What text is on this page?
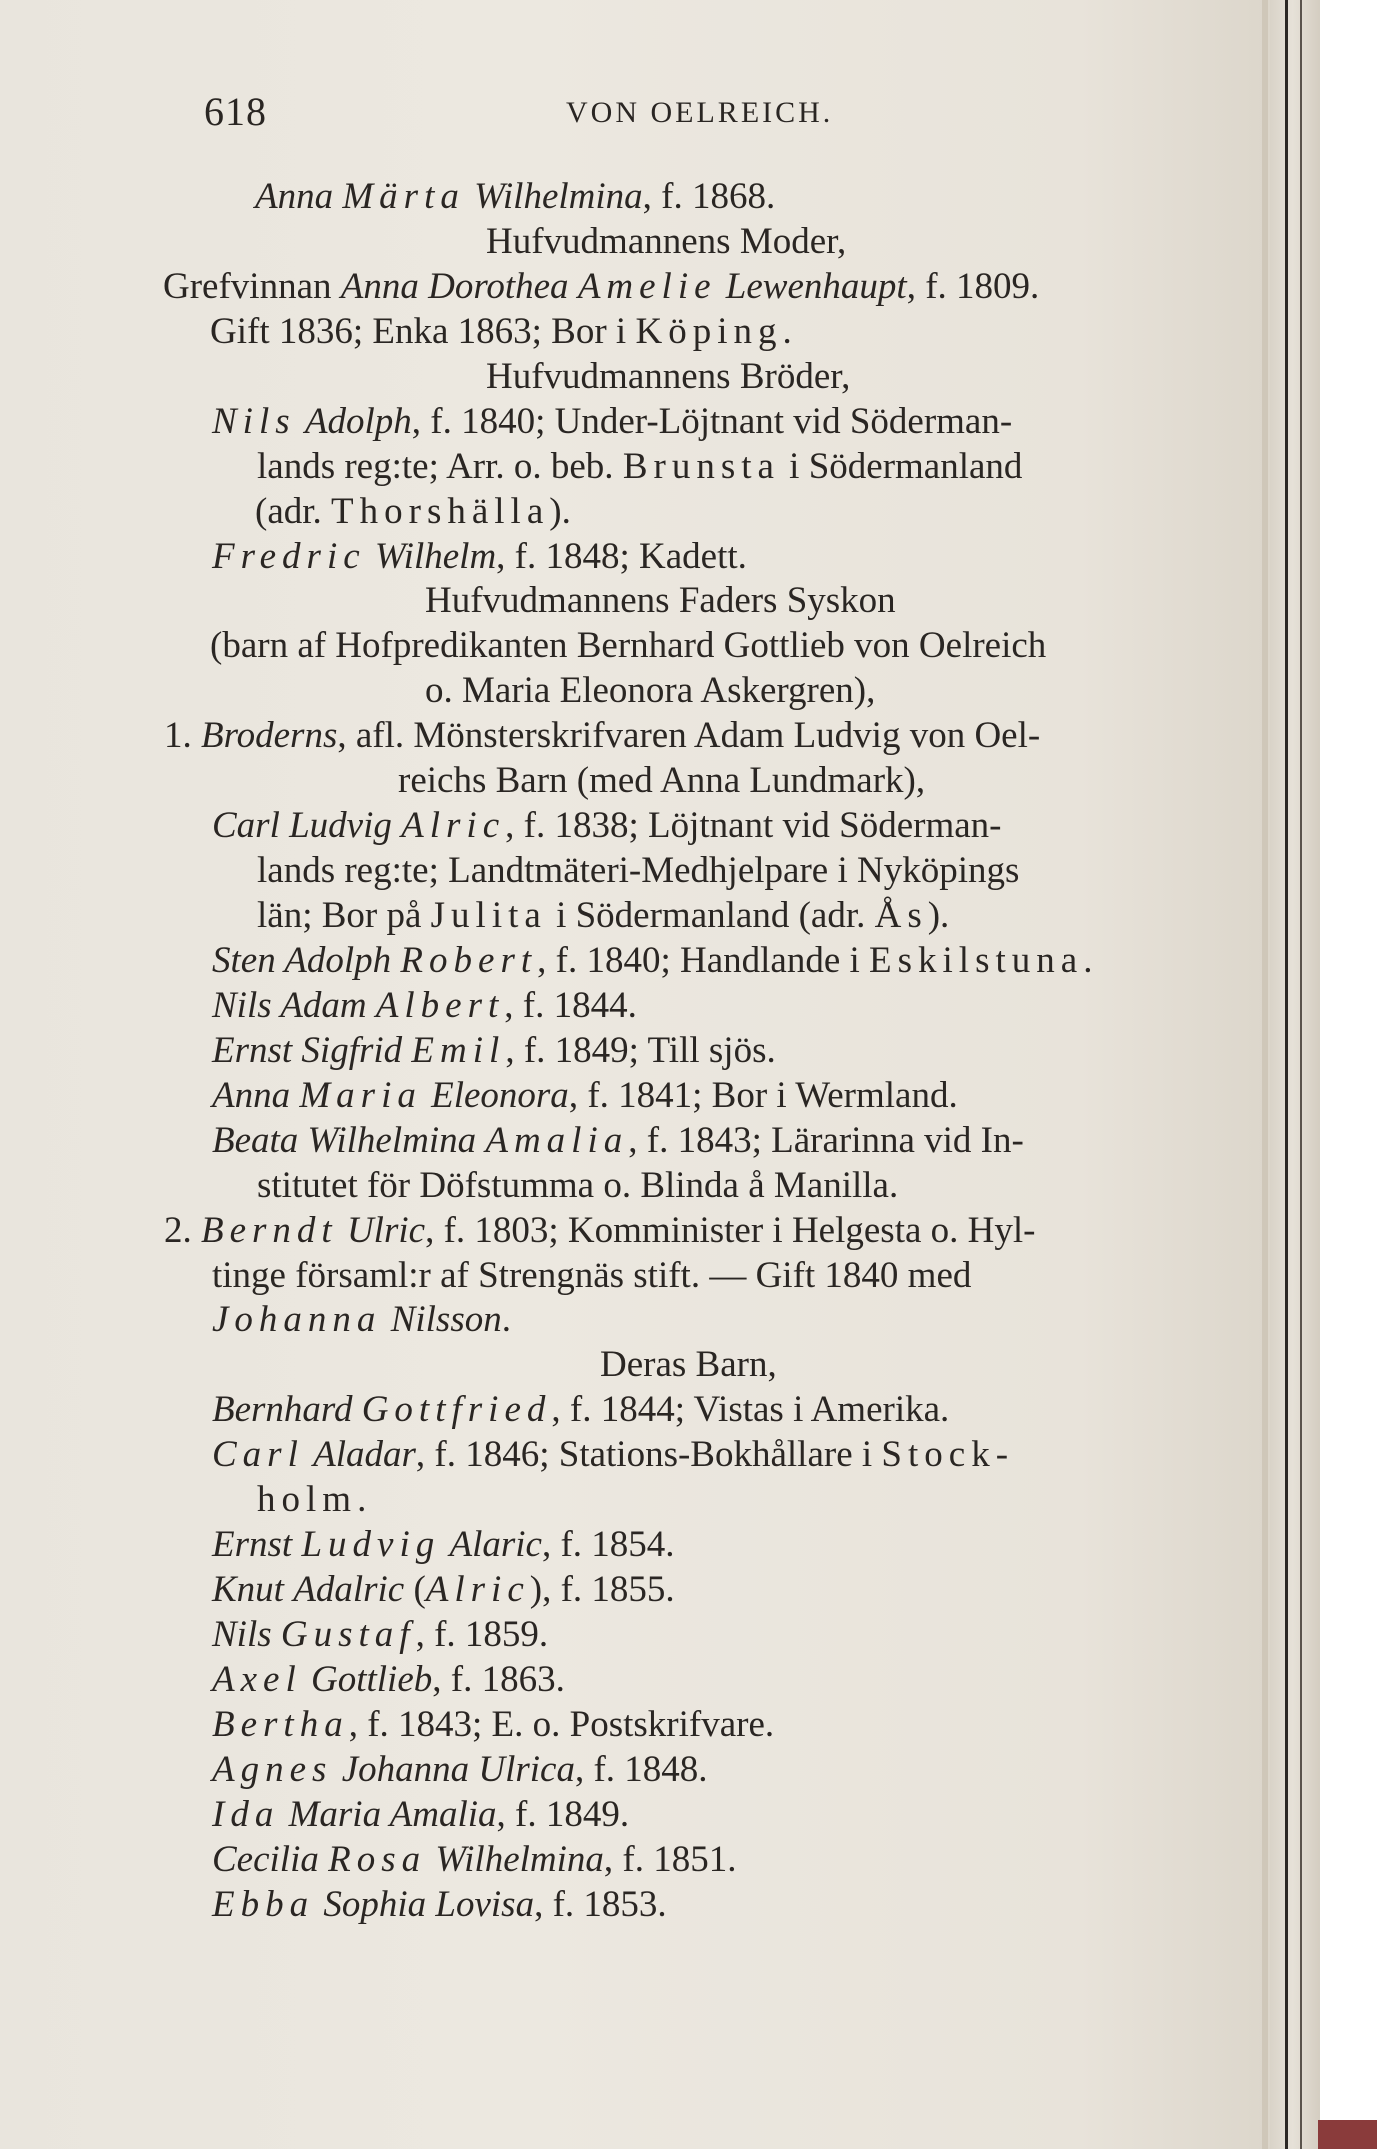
618	VON OELREICH.
Anna Märta Wilhelmina, f. 1868.
Hufvudmannens Moder,
Grefvinnan Anna Dorothea Amelie Lewenhaupt, f. 1809.
Gift 1836; Enka 1863; Bor i Köping.
Hufvudmannens Bröder,
Nils Adolph, f. 1840; Under-Löjtnant vid Söderman-
lands reg:te; Arr. o. beb. Brunsta i Södermanland
(adr. Thorshälla).
Fredric Wilhelm, f. 1848; Kadett.
Hufvudmannens Faders Syskon
(barn af Hofpredikanten Bernhard Gottlieb von Oelreich
o. Maria Eleonora Askergren),
1. Broderns, afl. Mönsterskrifvaren Adam Ludvig von Oel-
reichs Barn (med Anna Lundmark),
Carl Ludvig Alric, f. 1838; Löjtnant vid Söderman-
lands reg:te; Landtmäteri-Medhjelpare i Nyköpings
län; Bor på Julita i Södermanland (adr. Ås).
Sten Adolph Robert, f. 1840; Handlande i Eskilstuna.
Nils Adam Albert, f. 1844.
Ernst Sigfrid Emil, f. 1849; Till sjös.
Anna Maria Eleonora, f. 1841; Bor i Wermland.
Beata Wilhelmina Amalia, f. 1843; Lärarinna vid In-
stitutet för Döfstumma o. Blinda å Manilla.
2. Berndt Ulric, f. 1803; Komminister i Helgesta o. Hyl-
tinge församl:r af Strengnäs stift. — Gift 1840 med
Johanna Nilsson.
Deras Barn,
Bernhard Gottfried, f. 1844; Vistas i Amerika.
Carl Aladar, f. 1846; Stations-Bokhållare i Stock-
holm.
Ernst Ludvig Alaric, f. 1854.
Knut Adalric (Alric), f. 1855.
Nils Gustaf, f. 1859.
Axel Gottlieb, f. 1863.
Bertha, f. 1843; E. o. Postskrifvare.
Agnes Johanna Ulrica, f. 1848.
Ida Maria Amalia, f. 1849.
Cecilia Rosa Wilhelmina, f. 1851.
Ebba Sophia Lovisa, f. 1853.
